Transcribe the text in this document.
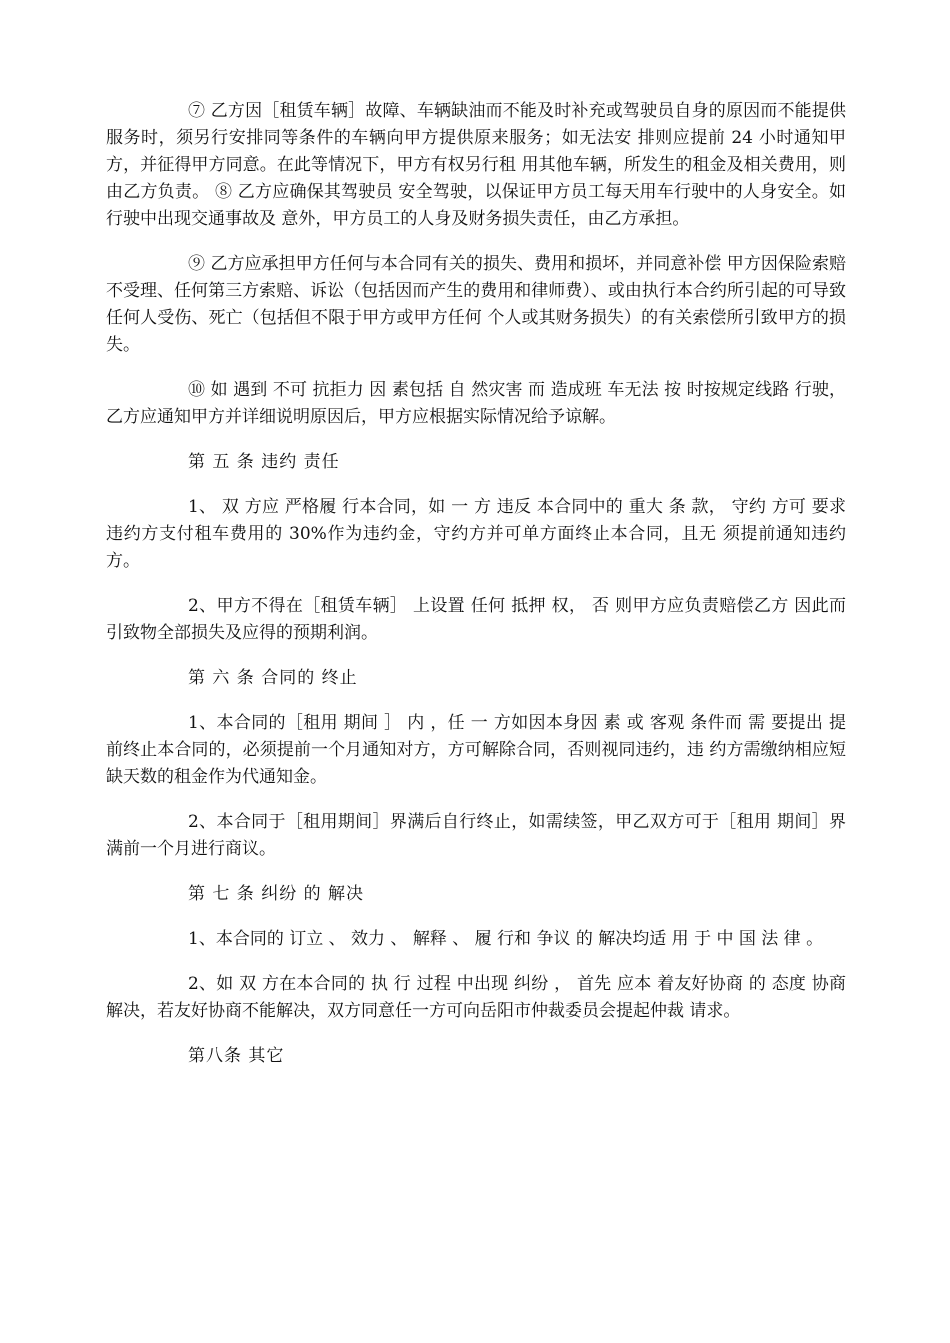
⑦ 乙方因［租赁车辆］故障、车辆缺油而不能及时补充或驾驶员自身的原因而不能提供服务时，须另行安排同等条件的车辆向甲方提供原来服务；如无法安 排则应提前 24 小时通知甲方，并征得甲方同意。在此等情况下，甲方有权另行租 用其他车辆，所发生的租金及相关费用，则由乙方负责。 ⑧ 乙方应确保其驾驶员 安全驾驶，以保证甲方员工每天用车行驶中的人身安全。如行驶中出现交通事故及 意外，甲方员工的人身及财务损失责任，由乙方承担。

⑨ 乙方应承担甲方任何与本合同有关的损失、费用和损坏，并同意补偿 甲方因保险索赔不受理、任何第三方索赔、诉讼（包括因而产生的费用和律师费）、或由执行本合约所引起的可导致任何人受伤、死亡（包括但不限于甲方或甲方任何 个人或其财务损失）的有关索偿所引致甲方的损失。

⑩ 如 遇到 不可 抗拒力 因 素包括 自 然灾害 而 造成班 车无法 按 时按规定线路 行驶，乙方应通知甲方并详细说明原因后，甲方应根据实际情况给予谅解。

第 五 条 违约 责任

1、 双 方应 严格履 行本合同，如 一 方 违反 本合同中的 重大 条 款， 守约 方可 要求违约方支付租车费用的 30%作为违约金，守约方并可单方面终止本合同，且无 须提前通知违约方。

2、甲方不得在［租赁车辆］ 上设置 任何 抵押 权， 否 则甲方应负责赔偿乙方 因此而引致物全部损失及应得的预期利润。

第 六 条 合同的 终止

1、本合同的［租用 期间 ］ 内 ，任 一 方如因本身因 素 或 客观 条件而 需 要提出 提前终止本合同的，必须提前一个月通知对方，方可解除合同，否则视同违约，违 约方需缴纳相应短缺天数的租金作为代通知金。

2、本合同于［租用期间］界满后自行终止，如需续签，甲乙双方可于［租用 期间］界满前一个月进行商议。

第 七 条 纠纷 的 解决

1、本合同的 订立 、 效力 、 解释 、 履 行和 争议 的 解决均适 用 于 中 国 法 律 。

2、如 双 方在本合同的 执 行 过程 中出现 纠纷 ， 首先 应本 着友好协商 的 态度 协商解决，若友好协商不能解决，双方同意任一方可向岳阳市仲裁委员会提起仲裁 请求。

第八条 其它
